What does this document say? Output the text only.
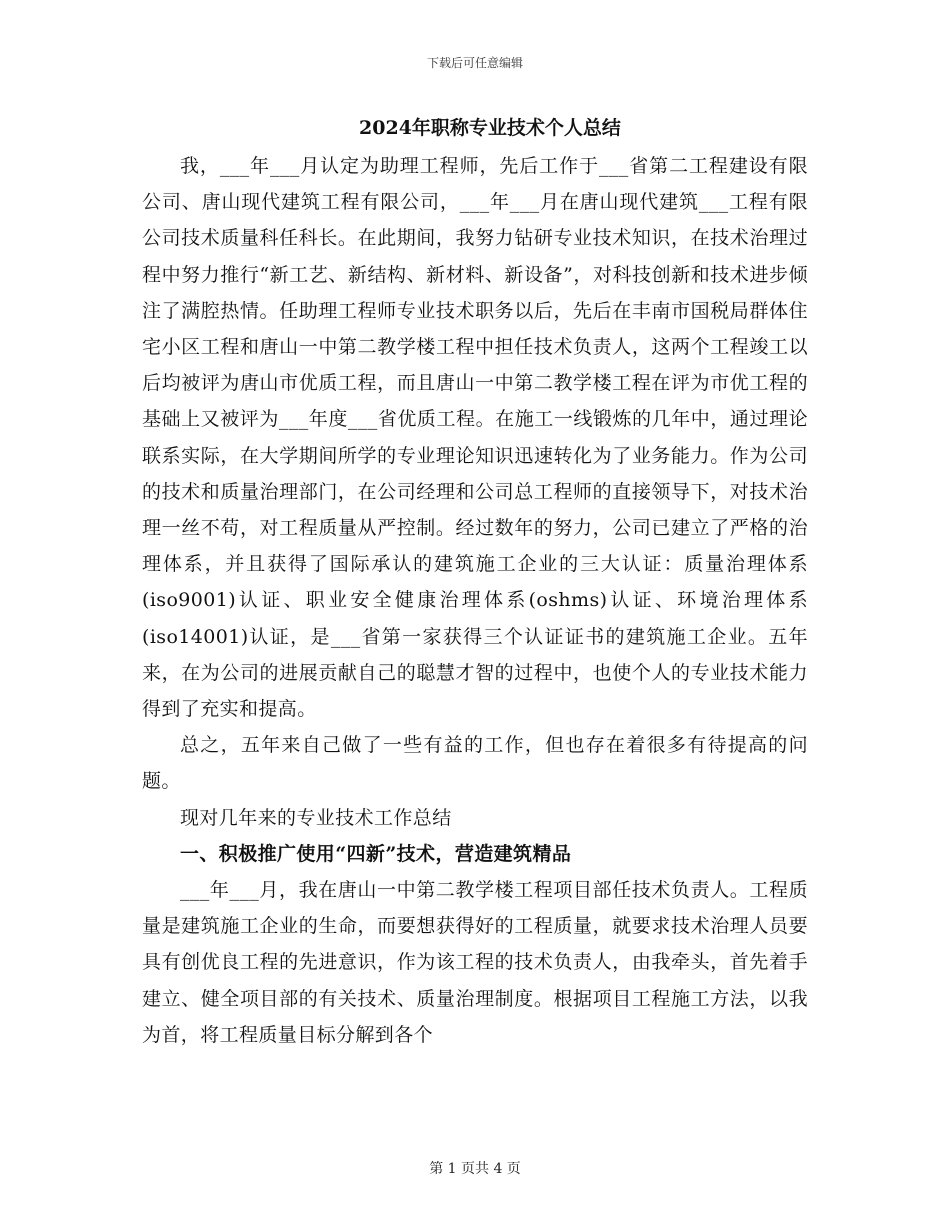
下载后可任意编辑
2024年职称专业技术个人总结

我，___年___月认定为助理工程师，先后工作于___省第二工程建设有限公司、唐山现代建筑工程有限公司，___年___月在唐山现代建筑___工程有限公司技术质量科任科长。在此期间，我努力钻研专业技术知识，在技术治理过程中努力推行“新工艺、新结构、新材料、新设备”，对科技创新和技术进步倾注了满腔热情。任助理工程师专业技术职务以后，先后在丰南市国税局群体住宅小区工程和唐山一中第二教学楼工程中担任技术负责人，这两个工程竣工以后均被评为唐山市优质工程，而且唐山一中第二教学楼工程在评为市优工程的基础上又被评为___年度___省优质工程。在施工一线锻炼的几年中，通过理论联系实际，在大学期间所学的专业理论知识迅速转化为了业务能力。作为公司的技术和质量治理部门，在公司经理和公司总工程师的直接领导下，对技术治理一丝不苟，对工程质量从严控制。经过数年的努力，公司已建立了严格的治理体系，并且获得了国际承认的建筑施工企业的三大认证：质量治理体系(iso9001)认证、职业安全健康治理体系(oshms)认证、环境治理体系(iso14001)认证，是___省第一家获得三个认证证书的建筑施工企业。五年来，在为公司的进展贡献自己的聪慧才智的过程中，也使个人的专业技术能力得到了充实和提高。

总之，五年来自己做了一些有益的工作，但也存在着很多有待提高的问题。

现对几年来的专业技术工作总结

一、积极推广使用“四新”技术，营造建筑精品

___年___月，我在唐山一中第二教学楼工程项目部任技术负责人。工程质量是建筑施工企业的生命，而要想获得好的工程质量，就要求技术治理人员要具有创优良工程的先进意识，作为该工程的技术负责人，由我牵头，首先着手建立、健全项目部的有关技术、质量治理制度。根据项目工程施工方法，以我为首，将工程质量目标分解到各个

第 1 页共 4 页
